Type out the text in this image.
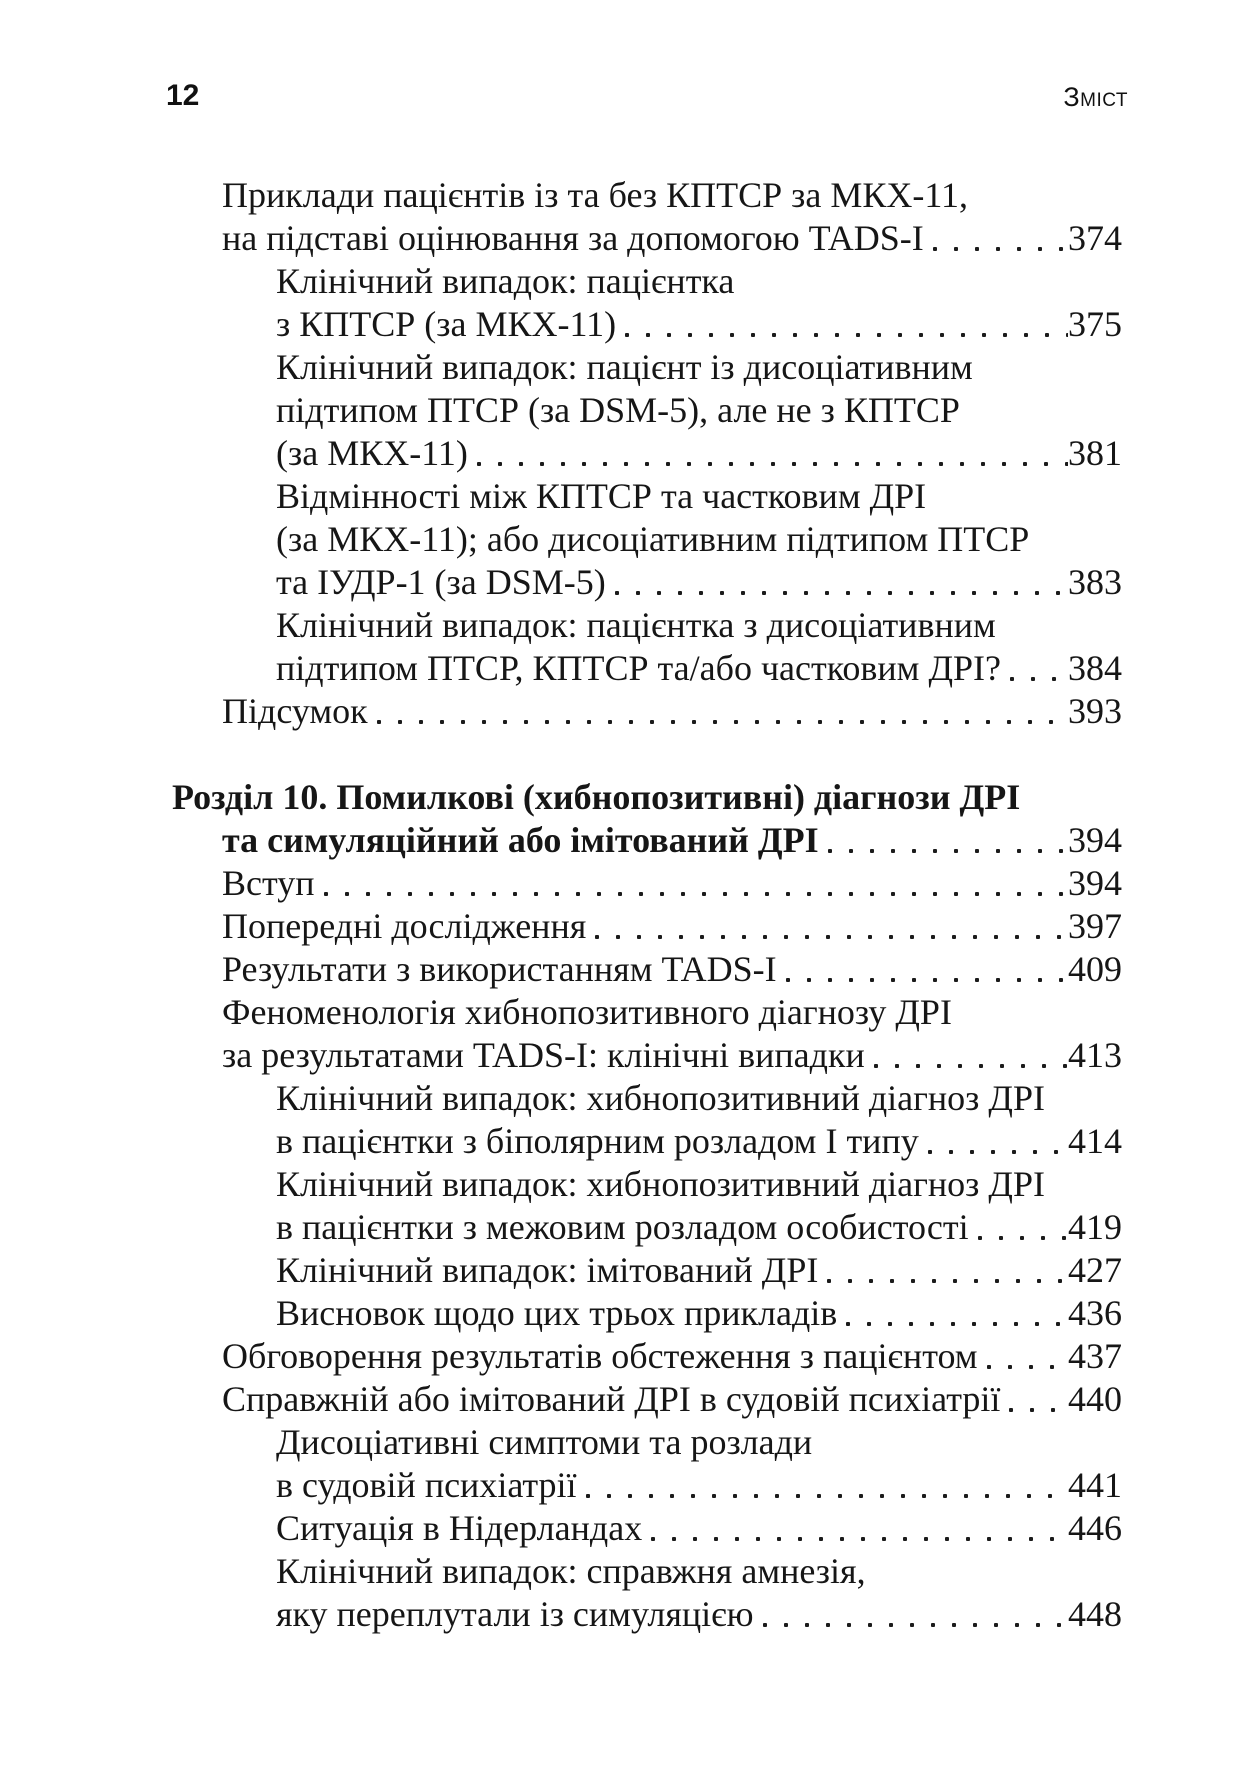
12	Зміст
Приклади пацієнтів із та без КПТСР за МКХ-11,
на підставі оцінювання за допомогою TADS-I	374
Клінічний випадок: пацієнтка
з КПТСР (за МКХ-11)	375
Клінічний випадок: пацієнт із дисоціативним
підтипом ПТСР (за DSM-5), але не з КПТСР
(за МКХ-11)	381
Відмінності між КПТСР та частковим ДРІ
(за МКХ-11); або дисоціативним підтипом ПТСР
та ІУДР-1 (за DSM-5)	383
Клінічний випадок: пацієнтка з дисоціативним
підтипом ПТСР, КПТСР та/або частковим ДРІ? 384
Підсумок	393
Розділ 10. Помилкові (хибнопозитивні) діагнози ДРІ
та симуляційний або імітований ДРІ	394
Вступ	394
Попередні дослідження	397
Результати з використанням TADS-I	409
Феноменологія хибнопозитивного діагнозу ДРІ
за результатами TADS-I: клінічні випадки	413
Клінічний випадок: хибнопозитивний діагноз ДРІ
в пацієнтки з біполярним розладом І типу	414
Клінічний випадок: хибнопозитивний діагноз ДРІ
в пацієнтки з межовим розладом особистості	419
Клінічний випадок: імітований ДРІ	427
Висновок щодо цих трьох прикладів	436
Обговорення результатів обстеження з пацієнтом	437
Справжній або імітований ДРІ в судовій психіатрії 440
Дисоціативні симптоми та розлади
в судовій психіатрії	441
Ситуація в Нідерландах	446
Клінічний випадок: справжня амнезія,
яку переплутали із симуляцією	448
